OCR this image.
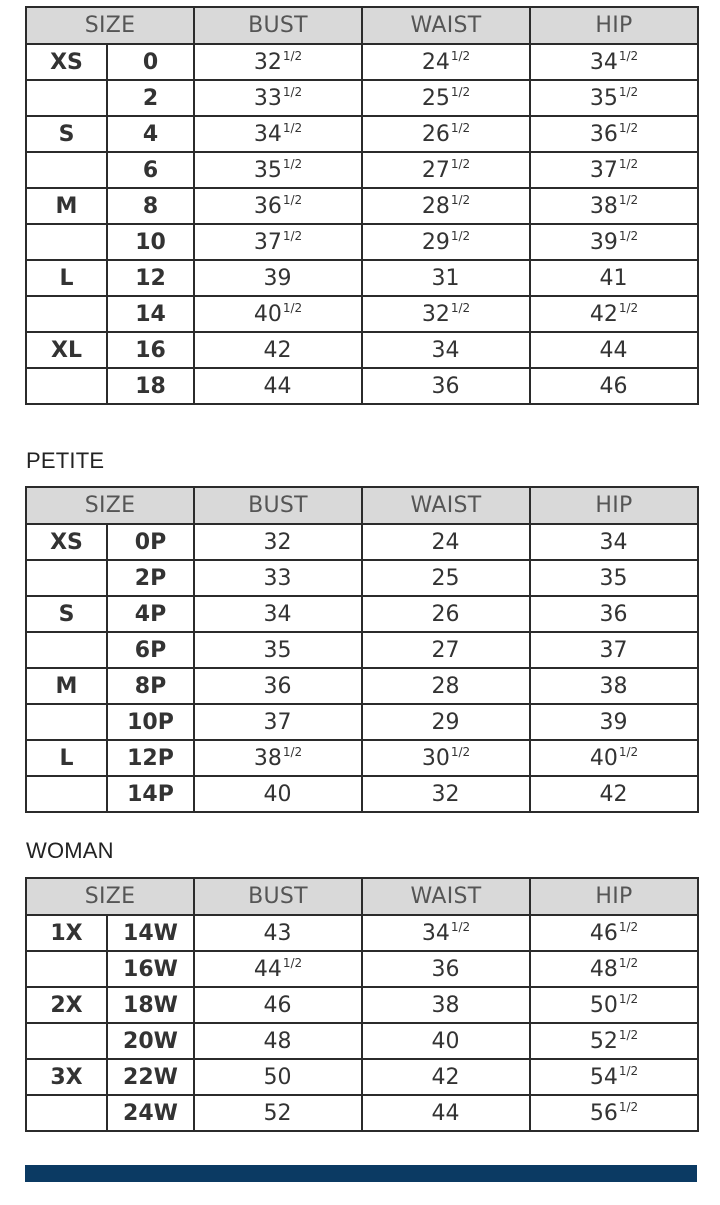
SIZE		BUST	WAIST	HIP
XS	0	$32^{1/2}$	$24^{1/2}$	$34^{1/2}$
	2	$33^{1/2}$	$25^{1/2}$	$35^{1/2}$
S	4	$34^{1/2}$	$26^{1/2}$	$36^{1/2}$
	6	$35^{1/2}$	$27^{1/2}$	$37^{1/2}$
M	8	$36^{1/2}$	$28^{1/2}$	$38^{1/2}$
	10	$37^{1/2}$	$29^{1/2}$	$39^{1/2}$
L	12	39	31	41
	14	$40^{1/2}$	$32^{1/2}$	$42^{1/2}$
XL	16	42	34	44
	18	44	36	46
PETITE
SIZE		BUST	WAIST	HIP
XS	0P	32	24	34
	2P	33	25	35
S	4P	34	26	36
	6P	35	27	37
M	8P	36	28	38
	10P	37	29	39
L	12P	$38^{1/2}$	$30^{1/2}$	$40^{1/2}$
	14P	40	32	42
WOMAN
SIZE		BUST	WAIST	HIP
1X	14W	43	$34^{1/2}$	$46^{1/2}$
	16W	$44^{1/2}$	36	$48^{1/2}$
2X	18W	46	38	$50^{1/2}$
	20W	48	40	$52^{1/2}$
3X	22W	50	42	$54^{1/2}$
	24W	52	44	$56^{1/2}$
